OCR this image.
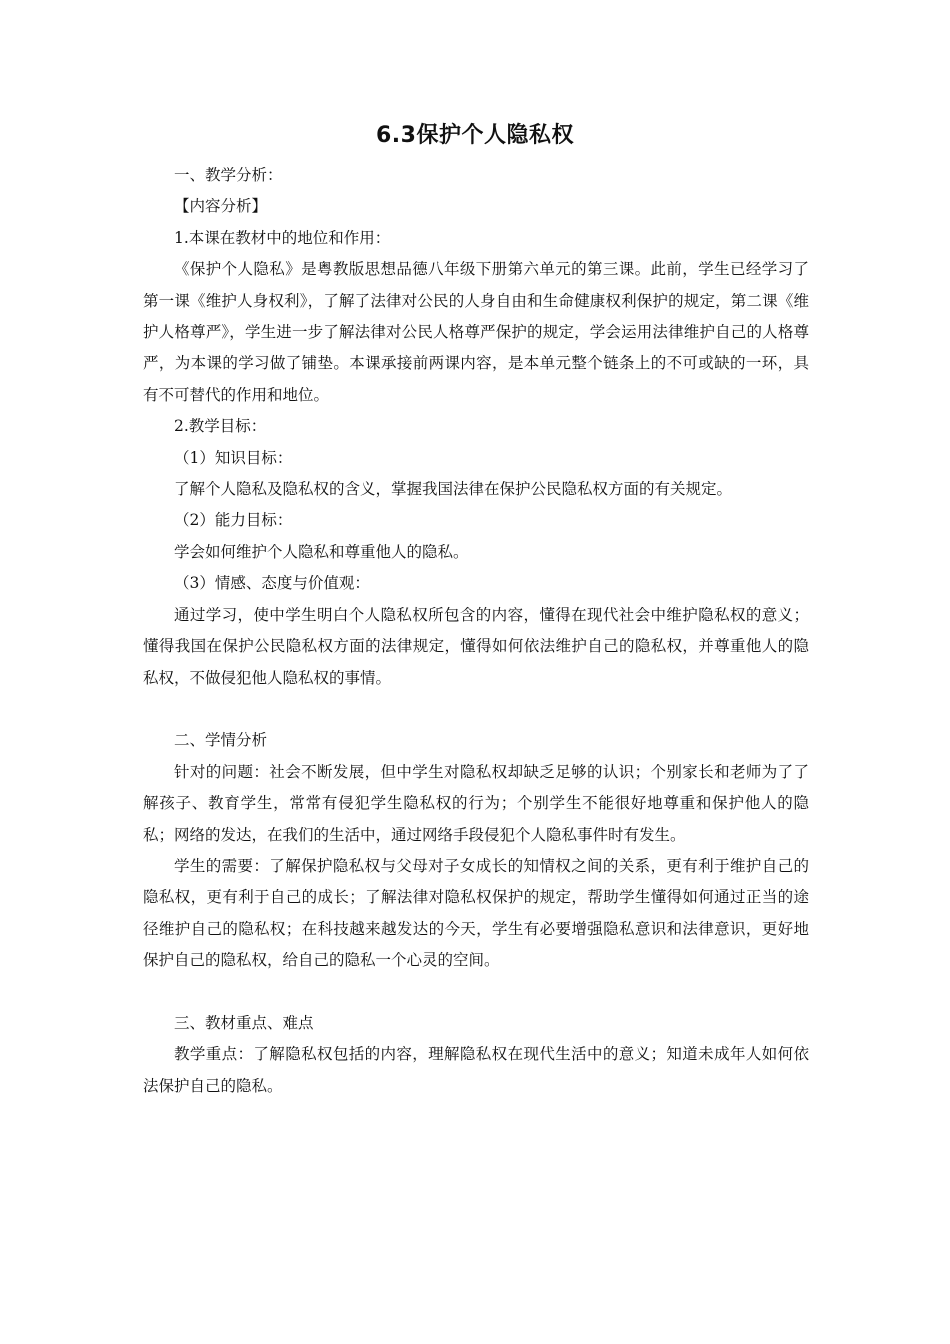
6.3保护个人隐私权

一、教学分析：

【内容分析】

1.本课在教材中的地位和作用：

《保护个人隐私》是粤教版思想品德八年级下册第六单元的第三课。此前，学生已经学习了第一课《维护人身权利》，了解了法律对公民的人身自由和生命健康权利保护的规定，第二课《维护人格尊严》，学生进一步了解法律对公民人格尊严保护的规定，学会运用法律维护自己的人格尊严，为本课的学习做了铺垫。本课承接前两课内容，是本单元整个链条上的不可或缺的一环，具有不可替代的作用和地位。

2.教学目标：

（1）知识目标：

了解个人隐私及隐私权的含义，掌握我国法律在保护公民隐私权方面的有关规定。

（2）能力目标：

学会如何维护个人隐私和尊重他人的隐私。

（3）情感、态度与价值观：

通过学习，使中学生明白个人隐私权所包含的内容，懂得在现代社会中维护隐私权的意义；懂得我国在保护公民隐私权方面的法律规定，懂得如何依法维护自己的隐私权，并尊重他人的隐私权，不做侵犯他人隐私权的事情。

二、学情分析

针对的问题：社会不断发展，但中学生对隐私权却缺乏足够的认识；个别家长和老师为了了解孩子、教育学生，常常有侵犯学生隐私权的行为；个别学生不能很好地尊重和保护他人的隐私；网络的发达，在我们的生活中，通过网络手段侵犯个人隐私事件时有发生。

学生的需要：了解保护隐私权与父母对子女成长的知情权之间的关系，更有利于维护自己的隐私权，更有利于自己的成长；了解法律对隐私权保护的规定，帮助学生懂得如何通过正当的途径维护自己的隐私权；在科技越来越发达的今天，学生有必要增强隐私意识和法律意识，更好地保护自己的隐私权，给自己的隐私一个心灵的空间。

三、教材重点、难点

教学重点：了解隐私权包括的内容，理解隐私权在现代生活中的意义；知道未成年人如何依法保护自己的隐私。
